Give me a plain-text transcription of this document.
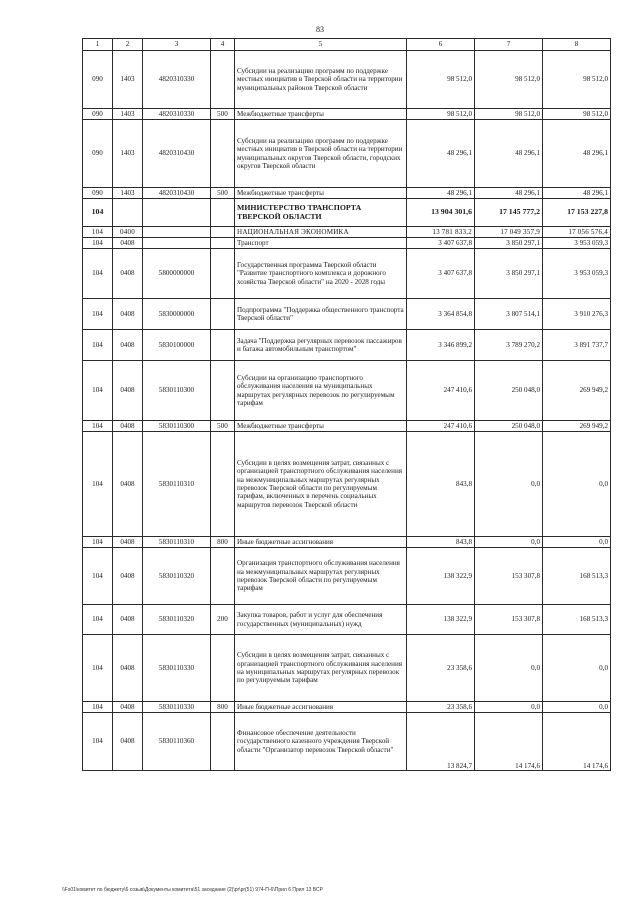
83
1	2	3	4	5	6	7	8
090	1403	4820310330		Субсидии на реализацию программ по поддержке местных инициатив в Тверской области на территории муниципальных районов Тверской области	98 512,0	98 512,0	98 512,0
090	1403	4820310330	500	Межбюджетные трансферты	98 512,0	98 512,0	98 512,0
090	1403	4820310430		Субсидии на реализацию программ по поддержке местных инициатив в Тверской области на территории муниципальных округов Тверской области, городских округов Тверской области	48 296,1	48 296,1	48 296,1
090	1403	4820310430	500	Межбюджетные трансферты	48 296,1	48 296,1	48 296,1
104				МИНИСТЕРСТВО ТРАНСПОРТА ТВЕРСКОЙ ОБЛАСТИ	13 904 301,6	17 145 777,2	17 153 227,8
104	0400			НАЦИОНАЛЬНАЯ ЭКОНОМИКА	13 781 833,2	17 049 357,9	17 056 576,4
104	0408			Транспорт	3 407 637,8	3 850 297,1	3 953 059,3
104	0408	5800000000		Государственная программа Тверской области "Развитие транспортного комплекса и дорожного хозяйства Тверской области" на 2020 - 2028 годы	3 407 637,8	3 850 297,1	3 953 059,3
104	0408	5830000000		Подпрограмма "Поддержка общественного транспорта Тверской области"	3 364 854,8	3 807 514,1	3 910 276,3
104	0408	5830100000		Задача "Поддержка регулярных перевозок пассажиров и багажа автомобильным транспортом"	3 346 899,2	3 789 270,2	3 891 737,7
104	0408	5830110300		Субсидии на организацию транспортного обслуживания населения на муниципальных маршрутах регулярных перевозок по регулируемым тарифам	247 410,6	250 048,0	269 949,2
104	0408	5830110300	500	Межбюджетные трансферты	247 410,6	250 048,0	269 949,2
104	0408	5830110310		Субсидии в целях возмещения затрат, связанных с организацией транспортного обслуживания населения на межмуниципальных маршрутах регулярных перевозок Тверской области по регулируемым тарифам, включенных в перечень социальных маршрутов перевозок Тверской области	843,8	0,0	0,0
104	0408	5830110310	800	Иные бюджетные ассигнования	843,8	0,0	0,0
104	0408	5830110320		Организация транспортного обслуживания населения на межмуниципальных маршрутах регулярных перевозок Тверской области по регулируемым тарифам	138 322,9	153 307,8	168 513,3
104	0408	5830110320	200	Закупка товаров, работ и услуг для обеспечения государственных (муниципальных) нужд	138 322,9	153 307,8	168 513,3
104	0408	5830110330		Субсидии в целях возмещения затрат, связанных с организацией транспортного обслуживания населения на муниципальных маршрутах регулярных перевозок по регулируемым тарифам	23 358,6	0,0	0,0
104	0408	5830110330	800	Иные бюджетные ассигнования	23 358,6	0,0	0,0
104	0408	5830110360		Финансовое обеспечение деятельности государственного казенного учреждения Тверской области "Организатор перевозок Тверской области"	13 824,7	14 174,6	14 174,6
\\Fs01\комитет по бюджету\6 созыв\Документы комитета\51 заседание (2)\pr\pr(51) 974-П-6\Прил 6 Прил 13 ВСР
